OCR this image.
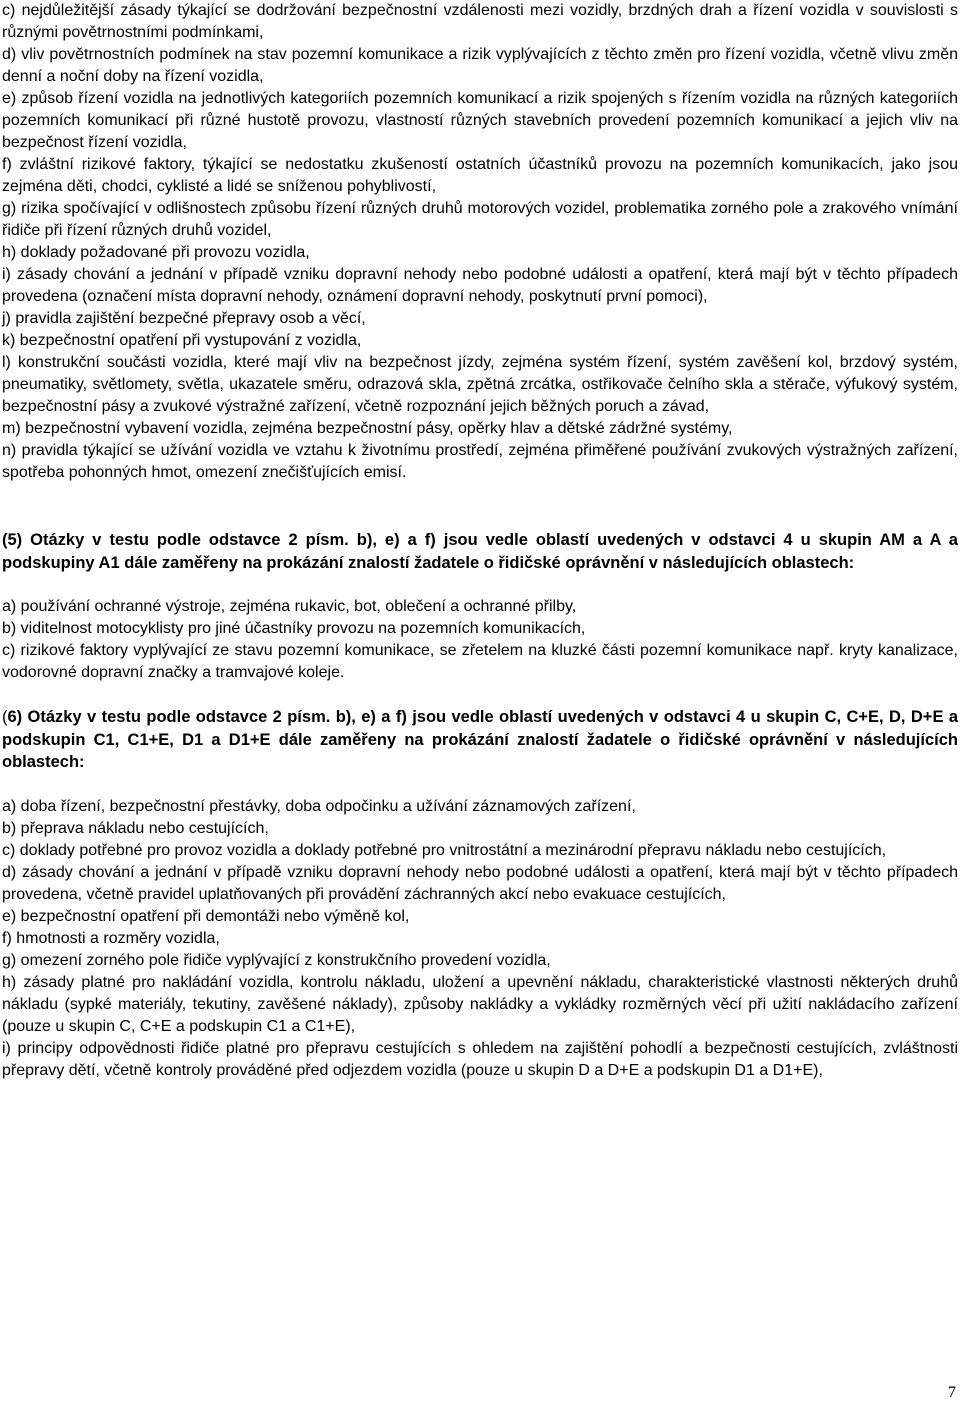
c) nejdůležitější zásady týkající se dodržování bezpečnostní vzdálenosti mezi vozidly, brzdných drah a řízení vozidla v souvislosti s různými povětrnostními podmínkami,

d) vliv povětrnostních podmínek na stav pozemní komunikace a rizik vyplývajících z těchto změn pro řízení vozidla, včetně vlivu změn denní a noční doby na řízení vozidla,

e) způsob řízení vozidla na jednotlivých kategoriích pozemních komunikací a rizik spojených s řízením vozidla na různých kategoriích pozemních komunikací při různé hustotě provozu, vlastností různých stavebních provedení pozemních komunikací a jejich vliv na bezpečnost řízení vozidla,

f) zvláštní rizikové faktory, týkající se nedostatku zkušeností ostatních účastníků provozu na pozemních komunikacích, jako jsou zejména děti, chodci, cyklisté a lidé se sníženou pohyblivostí,

g) rizika spočívající v odlišnostech způsobu řízení různých druhů motorových vozidel, problematika zorného pole a zrakového vnímání řidiče při řízení různých druhů vozidel,

h) doklady požadované při provozu vozidla,

i) zásady chování a jednání v případě vzniku dopravní nehody nebo podobné události a opatření, která mají být v těchto případech provedena (označení místa dopravní nehody, oznámení dopravní nehody, poskytnutí první pomoci),

j) pravidla zajištění bezpečné přepravy osob a věcí,

k) bezpečnostní opatření při vystupování z vozidla,

l) konstrukční součásti vozidla, které mají vliv na bezpečnost jízdy, zejména systém řízení, systém zavěšení kol, brzdový systém, pneumatiky, světlomety, světla, ukazatele směru, odrazová skla, zpětná zrcátka, ostřikovače čelního skla a stěrače, výfukový systém, bezpečnostní pásy a zvukové výstražné zařízení, včetně rozpoznání jejich běžných poruch a závad,

m) bezpečnostní vybavení vozidla, zejména bezpečnostní pásy, opěrky hlav a dětské zádržné systémy,

n) pravidla týkající se užívání vozidla ve vztahu k životnímu prostředí, zejména přiměřené používání zvukových výstražných zařízení, spotřeba pohonných hmot, omezení znečišťujících emisí.

(5) Otázky v testu podle odstavce 2 písm. b), e) a f) jsou vedle oblastí uvedených v odstavci 4 u skupin AM a A a podskupiny A1 dále zaměřeny na prokázání znalostí žadatele o řidičské oprávnění v následujících oblastech:

a) používání ochranné výstroje, zejména rukavic, bot, oblečení a ochranné přilby,

b) viditelnost motocyklisty pro jiné účastníky provozu na pozemních komunikacích,

c) rizikové faktory vyplývající ze stavu pozemní komunikace, se zřetelem na kluzké části pozemní komunikace např. kryty kanalizace, vodorovné dopravní značky a tramvajové koleje.

(6) Otázky v testu podle odstavce 2 písm. b), e) a f) jsou vedle oblastí uvedených v odstavci 4 u skupin C, C+E, D, D+E a podskupin C1, C1+E, D1 a D1+E dále zaměřeny na prokázání znalostí žadatele o řidičské oprávnění v následujících oblastech:

a) doba řízení, bezpečnostní přestávky, doba odpočinku a užívání záznamových zařízení,

b) přeprava nákladu nebo cestujících,

c) doklady potřebné pro provoz vozidla a doklady potřebné pro vnitrostátní a mezinárodní přepravu nákladu nebo cestujících,

d) zásady chování a jednání v případě vzniku dopravní nehody nebo podobné události a opatření, která mají být v těchto případech provedena, včetně pravidel uplatňovaných při provádění záchranných akcí nebo evakuace cestujících,

e) bezpečnostní opatření při demontáži nebo výměně kol,

f) hmotnosti a rozměry vozidla,

g) omezení zorného pole řidiče vyplývající z konstrukčního provedení vozidla,

h) zásady platné pro nakládání vozidla, kontrolu nákladu, uložení a upevnění nákladu, charakteristické vlastnosti některých druhů nákladu (sypké materiály, tekutiny, zavěšené náklady), způsoby nakládky a vykládky rozměrných věcí při užití nakládacího zařízení (pouze u skupin C, C+E a podskupin C1 a C1+E),

i) principy odpovědnosti řidiče platné pro přepravu cestujících s ohledem na zajištění pohodlí a bezpečnosti cestujících, zvláštnosti přepravy dětí, včetně kontroly prováděné před odjezdem vozidla (pouze u skupin D a D+E a podskupin D1 a D1+E),

7
